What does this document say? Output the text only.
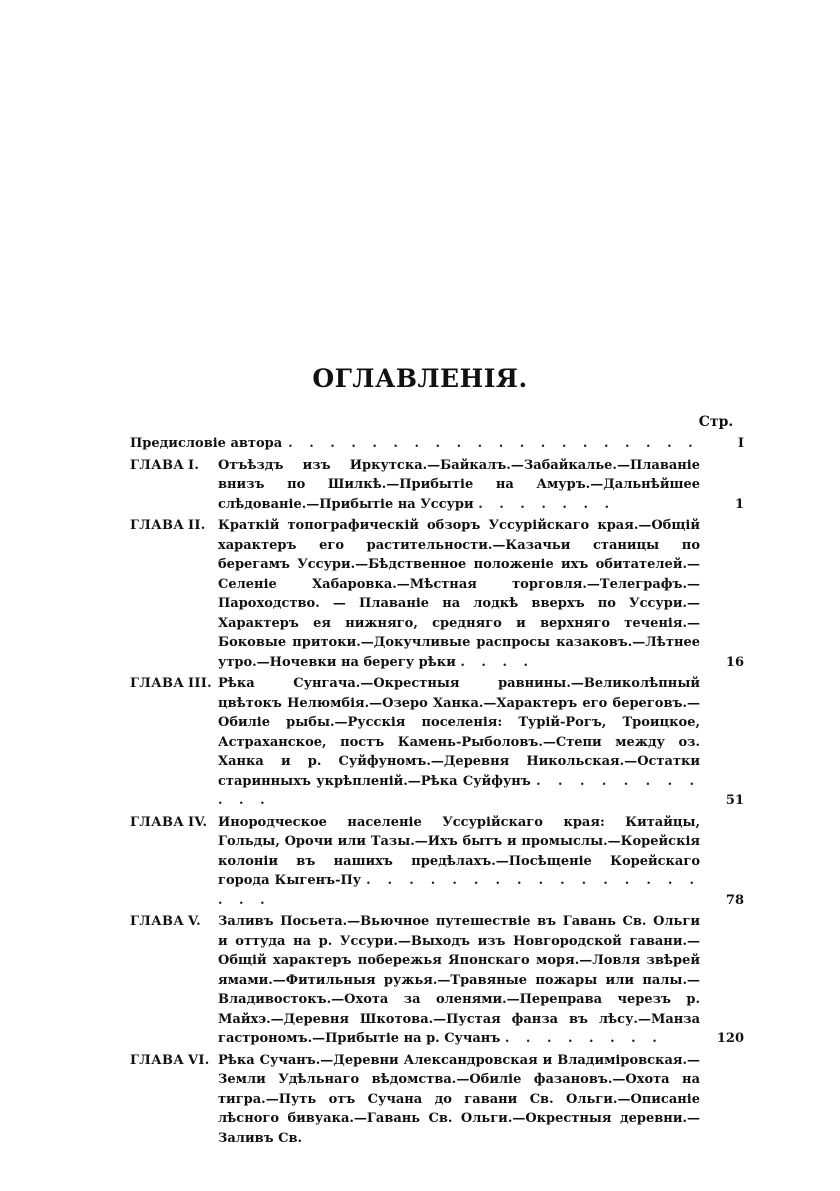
ОГЛАВЛЕНІЯ.
Стр.
Предисловіе автора . . .	I
ГЛАВА I.	Отъѣздъ изъ Иркутска.—Байкалъ.—Забайкалье.—Плаваніе внизъ по Шилкѣ.—Прибытіе на Амуръ.—Дальнѣйшее слѣдованіе.—Прибытіе на Уссури . . . . . . .	1
ГЛАВА II. Краткій топографическій обзоръ Уссурійскаго края.—Общій характеръ его растительности.—Казачьи станицы по берегамъ Уссури.—Бѣдственное положеніе ихъ обитателей.—Селеніе Хабаровка.—Мѣстная торговля.—Телеграфъ.—Пароходство. — Плаваніе на лодкѣ вверхъ по Уссури.—Характеръ ея нижняго, средняго и верхняго теченія.—Боковые притоки.—Докучливые распросы казаковъ.—Лѣтнее утро.—Ночевки на берегу рѣки . . . .	16
ГЛАВА III. Рѣка Сунгача.—Окрестныя равнины.—Великолѣпный цвѣтокъ Нелюмбія.—Озеро Ханка.—Характеръ его береговъ.—Обиліе рыбы.—Русскія поселенія: Турій-Рогъ, Троицкое, Астраханское, постъ Камень-Рыболовъ.—Степи между оз. Ханка и р. Суйфуномъ.—Деревня Никольская.—Остатки старинныхъ укрѣпленій.—Рѣка Суйфунъ . . . . . . . . . . .	51
ГЛАВА IV. Инородческое населеніе Уссурійскаго края: Китайцы, Гольды, Орочи или Тазы.—Ихъ бытъ и промыслы.—Корейскія колоніи въ нашихъ предѣлахъ.—Посѣщеніе Корейскаго города Кыгенъ-Пу . . . . . . . . . . . . . . . . . . .	78
ГЛАВА V.	Заливъ Посьета.—Вьючное путешествіе въ Гавань Св. Ольги и оттуда на р. Уссури.—Выходъ изъ Новгородской гавани.—Общій характеръ побережья Японскаго моря.—Ловля звѣрей ямами.—Фитильныя ружья.—Травяные пожары или палы.—Владивостокъ.—Охота за оленями.—Переправа черезъ р. Майхэ.—Деревня Шкотова.—Пустая фанза въ лѣсу.—Манза гастрономъ.—Прибытіе на р. Сучанъ . . . . . . . .	120
ГЛАВА VI. Рѣка Сучанъ.—Деревни Александровская и Владиміровская.—Земли Удѣльнаго вѣдомства.—Обиліе фазановъ.—Охота на тигра.—Путь отъ Сучана до гавани Св. Ольги.—Описаніе лѣсного бивуака.—Гавань Св. Ольги.—Окрестныя деревни.—Заливъ Св.
